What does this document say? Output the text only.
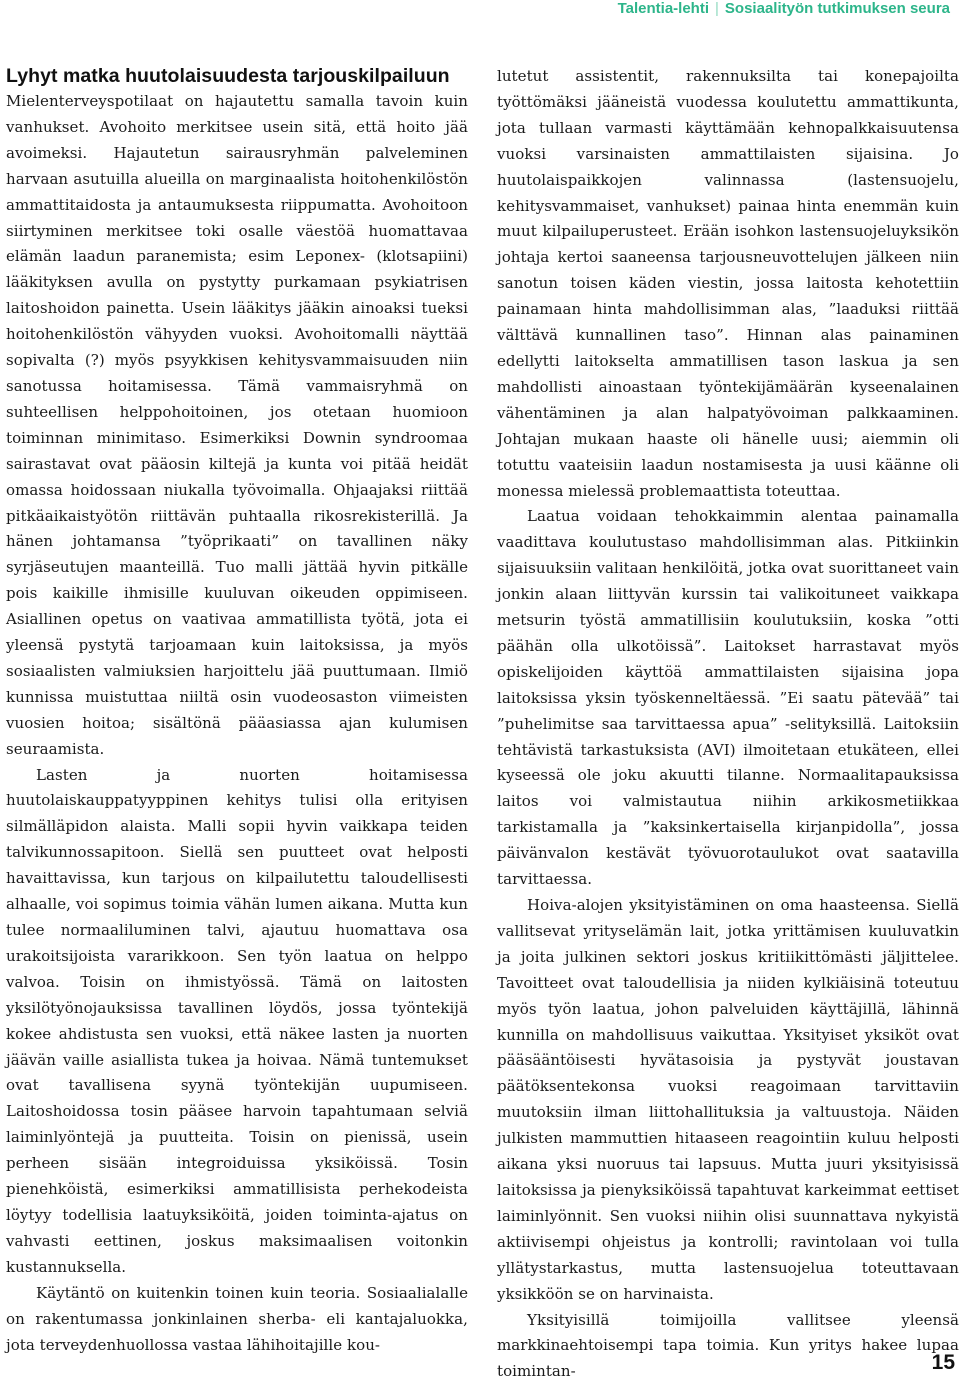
Talentia-lehti | Sosiaalityön tutkimuksen seura
Lyhyt matka huutolaisuudesta tarjouskilpailuun

Mielenterveyspotilaat on hajautettu samalla tavoin kuin vanhukset. Avohoito merkitsee usein sitä, että hoito jää avoimeksi. Hajautetun sairausryhmän palveleminen harvaan asutuilla alueilla on marginaalista hoitohenkilöstön ammattitaidosta ja antaumuksesta riippumatta. Avohoitoon siirtyminen merkitsee toki osalle väestöä huomattavaa elämän laadun paranemista; esim Leponex- (klotsapiini) lääkityksen avulla on pystytty purkamaan psykiatrisen laitoshoidon painetta. Usein lääkitys jääkin ainoaksi tueksi hoitohenkilöstön vähyyden vuoksi. Avohoitomalli näyttää sopivalta (?) myös psyykkisen kehitysvammaisuuden niin sanotussa hoitamisessa. Tämä vammaisryhmä on suhteellisen helppohoitoinen, jos otetaan huomioon toiminnan minimitaso. Esimerkiksi Downin syndroomaa sairastavat ovat pääosin kiltejä ja kunta voi pitää heidät omassa hoidossaan niukalla työvoimalla. Ohjaajaksi riittää pitkäaikaistyötön riittävän puhtaalla rikosrekisterillä. Ja hänen johtamansa ”työprikaati” on tavallinen näky syrjäseutujen maanteillä. Tuo malli jättää hyvin pitkälle pois kaikille ihmisille kuuluvan oikeuden oppimiseen. Asiallinen opetus on vaativaa ammatillista työtä, jota ei yleensä pystytä tarjoamaan kuin laitoksissa, ja myös sosiaalisten valmiuksien harjoittelu jää puuttumaan. Ilmiö kunnissa muistuttaa niiltä osin vuodeosaston viimeisten vuosien hoitoa; sisältönä pääasiassa ajan kulumisen seuraamista.

Lasten ja nuorten hoitamisessa huutolaiskauppatyyppinen kehitys tulisi olla erityisen silmälläpidon alaista. Malli sopii hyvin vaikkapa teiden talvikunnossapitoon. Siellä sen puutteet ovat helposti havaittavissa, kun tarjous on kilpailutettu taloudellisesti alhaalle, voi sopimus toimia vähän lumen aikana. Mutta kun tulee normaaliluminen talvi, ajautuu huomattava osa urakoitsijoista vararikkoon. Sen työn laatua on helppo valvoa. Toisin on ihmistyössä. Tämä on laitosten yksilötyönojauksissa tavallinen löydös, jossa työntekijä kokee ahdistusta sen vuoksi, että näkee lasten ja nuorten jäävän vaille asiallista tukea ja hoivaa. Nämä tuntemukset ovat tavallisena syynä työntekijän uupumiseen. Laitoshoidossa tosin pääsee harvoin tapahtumaan selviä laiminlyöntejä ja puutteita. Toisin on pienissä, usein perheen sisään integroiduissa yksiköissä. Tosin pienehköistä, esimerkiksi ammatillisista perhekodeista löytyy todellisia laatuyksiköitä, joiden toiminta-ajatus on vahvasti eettinen, joskus maksimaalisen voitonkin kustannuksella.

Käytäntö on kuitenkin toinen kuin teoria. Sosiaalialalle on rakentumassa jonkinlainen sherba- eli kantajaluokka, jota terveydenhuollossa vastaa lähihoitajille kou-

lutetut assistentit, rakennuksilta tai konepajoilta työttömäksi jääneistä vuodessa koulutettu ammattikunta, jota tullaan varmasti käyttämään kehnopalkkaisuutensa vuoksi varsinaisten ammattilaisten sijaisina. Jo huutolaispaikkojen valinnassa (lastensuojelu, kehitysvammaiset, vanhukset) painaa hinta enemmän kuin muut kilpailuperusteet. Erään isohkon lastensuojeluyksikön johtaja kertoi saaneensa tarjousneuvottelujen jälkeen niin sanotun toisen käden viestin, jossa laitosta kehotettiin painamaan hinta mahdollisimman alas, ”laaduksi riittää välttävä kunnallinen taso”. Hinnan alas painaminen edellytti laitokselta ammatillisen tason laskua ja sen mahdollisti ainoastaan työntekijämäärän kyseenalainen vähentäminen ja alan halpatyövoiman palkkaaminen. Johtajan mukaan haaste oli hänelle uusi; aiemmin oli totuttu vaateisiin laadun nostamisesta ja uusi käänne oli monessa mielessä problemaattista toteuttaa.

Laatua voidaan tehokkaimmin alentaa painamalla vaadittava koulutustaso mahdollisimman alas. Pitkiinkin sijaisuuksiin valitaan henkilöitä, jotka ovat suorittaneet vain jonkin alaan liittyvän kurssin tai valikoituneet vaikkapa metsurin työstä ammatillisiin koulutuksiin, koska ”otti päähän olla ulkotöissä”. Laitokset harrastavat myös opiskelijoiden käyttöä ammattilaisten sijaisina jopa laitoksissa yksin työskenneltäessä. ”Ei saatu pätevää” tai ”puhelimitse saa tarvittaessa apua” -selityksillä. Laitoksiin tehtävistä tarkastuksista (AVI) ilmoitetaan etukäteen, ellei kyseessä ole joku akuutti tilanne. Normaalitapauksissa laitos voi valmistautua niihin arkikosmetiikkaa tarkistamalla ja ”kaksinkertaisella kirjanpidolla”, jossa päivänvalon kestävät työvuorotaulukot ovat saatavilla tarvittaessa.

Hoiva-alojen yksityistäminen on oma haasteensa. Siellä vallitsevat yrityselämän lait, jotka yrittämisen kuuluvatkin ja joita julkinen sektori joskus kritiikittömästi jäljittelee. Tavoitteet ovat taloudellisia ja niiden kylkiäisinä toteutuu myös työn laatua, johon palveluiden käyttäjillä, lähinnä kunnilla on mahdollisuus vaikuttaa. Yksityiset yksiköt ovat pääsääntöisesti hyvätasoisia ja pystyvät joustavan päätöksentekonsa vuoksi reagoimaan tarvittaviin muutoksiin ilman liittohallituksia ja valtuustoja. Näiden julkisten mammuttien hitaaseen reagointiin kuluu helposti aikana yksi nuoruus tai lapsuus. Mutta juuri yksityisissä laitoksissa ja pienyksiköissä tapahtuvat karkeimmat eettiset laiminlyönnit. Sen vuoksi niihin olisi suunnattava nykyistä aktiivisempi ohjeistus ja kontrolli; ravintolaan voi tulla yllätystarkastus, mutta lastensuojelua toteuttavaan yksikköön se on harvinaista.

Yksityisillä toimijoilla vallitsee yleensä markkinaehtoisempi tapa toimia. Kun yritys hakee lupaa toimintan-	15
